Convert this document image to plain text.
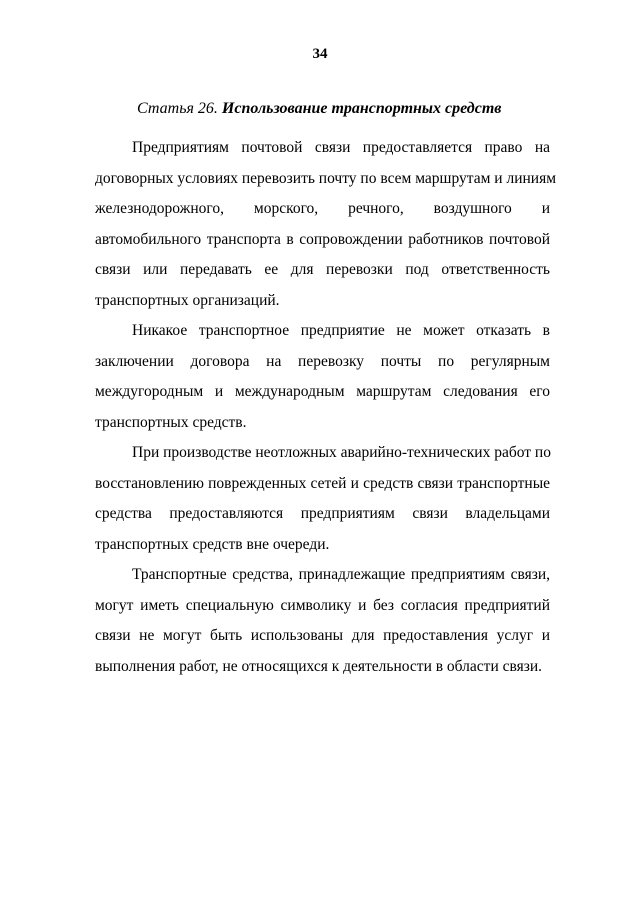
34
Статья 26. Использование транспортных средств

Предприятиям почтовой связи предоставляется право на
договорных условиях перевозить почту по всем маршрутам и линиям
железнодорожного, морского, речного, воздушного и
автомобильного транспорта в сопровождении работников почтовой
связи или передавать ее для перевозки под ответственность
транспортных организаций.

Никакое транспортное предприятие не может отказать в
заключении договора на перевозку почты по регулярным
междугородным и международным маршрутам следования его
транспортных средств.

При производстве неотложных аварийно-технических работ по
восстановлению поврежденных сетей и средств связи транспортные
средства предоставляются предприятиям связи владельцами
транспортных средств вне очереди.

Транспортные средства, принадлежащие предприятиям связи,
могут иметь специальную символику и без согласия предприятий
связи не могут быть использованы для предоставления услуг и
выполнения работ, не относящихся к деятельности в области связи.
